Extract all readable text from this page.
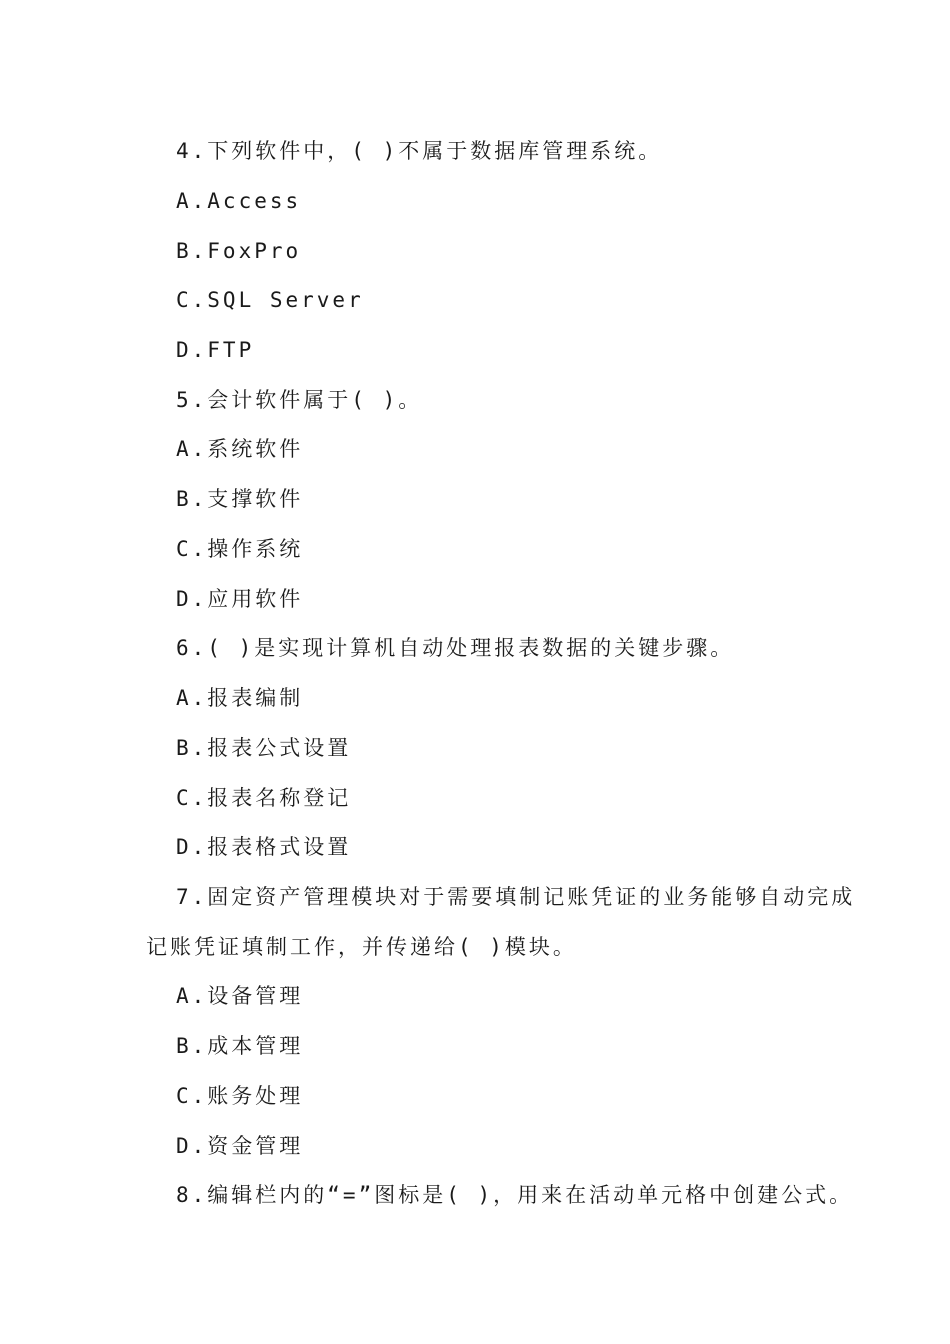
4.下列软件中，( )不属于数据库管理系统。
A.Access
B.FoxPro
C.SQL Server
D.FTP
5.会计软件属于( )。
A.系统软件
B.支撑软件
C.操作系统
D.应用软件
6.( )是实现计算机自动处理报表数据的关键步骤。
A.报表编制
B.报表公式设置
C.报表名称登记
D.报表格式设置
7.固定资产管理模块对于需要填制记账凭证的业务能够自动完成
记账凭证填制工作，并传递给( )模块。
A.设备管理
B.成本管理
C.账务处理
D.资金管理
8.编辑栏内的“=”图标是( )，用来在活动单元格中创建公式。
